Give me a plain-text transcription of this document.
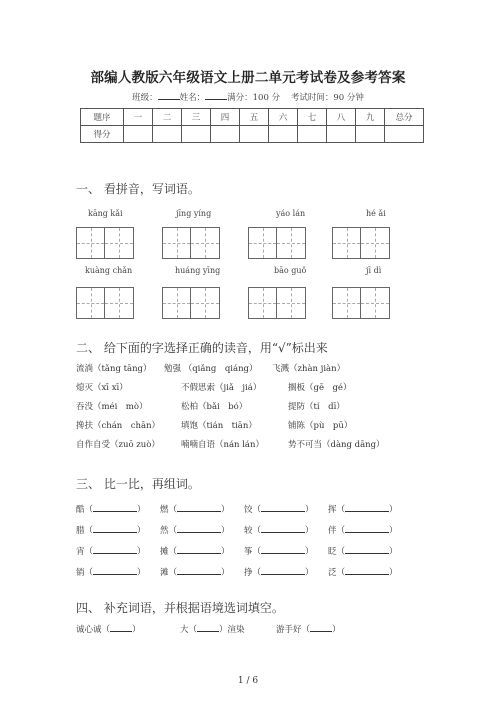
部编人教版六年级语文上册二单元考试卷及参考答案
班级：	姓名：	满分：100 分 考试时间：90 分钟
题序	一	二	三	四	五	六	七	八	九	总分
得分										
一、 看拼音，写词语。
kāng kǎi	jīng yíng	yáo lán	hé ǎi
kuàng chǎn	huáng yīng	bāo guǒ	jī dì
二、 给下面的字选择正确的读音，用“√”标出来
流淌（tǎng tāng） 勉强 （qiǎng　qiáng） 飞溅（zhàn jiàn）
熄灭（xī xī）	不假思索（jiǎ　jiá）	搁板（gē　gé）
吞没（méi　mò）	松柏（bǎi　bó）	提防（tí　dī）
搀扶（chán　chān） 填饱（tián　tiān）	铺陈（pù　pū）
自作自受（zuō zuò） 喃喃自语（nán lán）	势不可当（dàng dāng）
三、 比一比，再组词。
酷（	） 燃（	） 饺（	） 挥（	）
腊（	） 然（	） 较（	） 伴（	）
宵（	） 摊（	） 筝（	） 眨（	）
销（	） 滩（	） 挣（	） 泛（	）
四、 补充词语，并根据语境选词填空。
诚心诚（	）	大（	）渲染	游手好（	）
1 / 6
